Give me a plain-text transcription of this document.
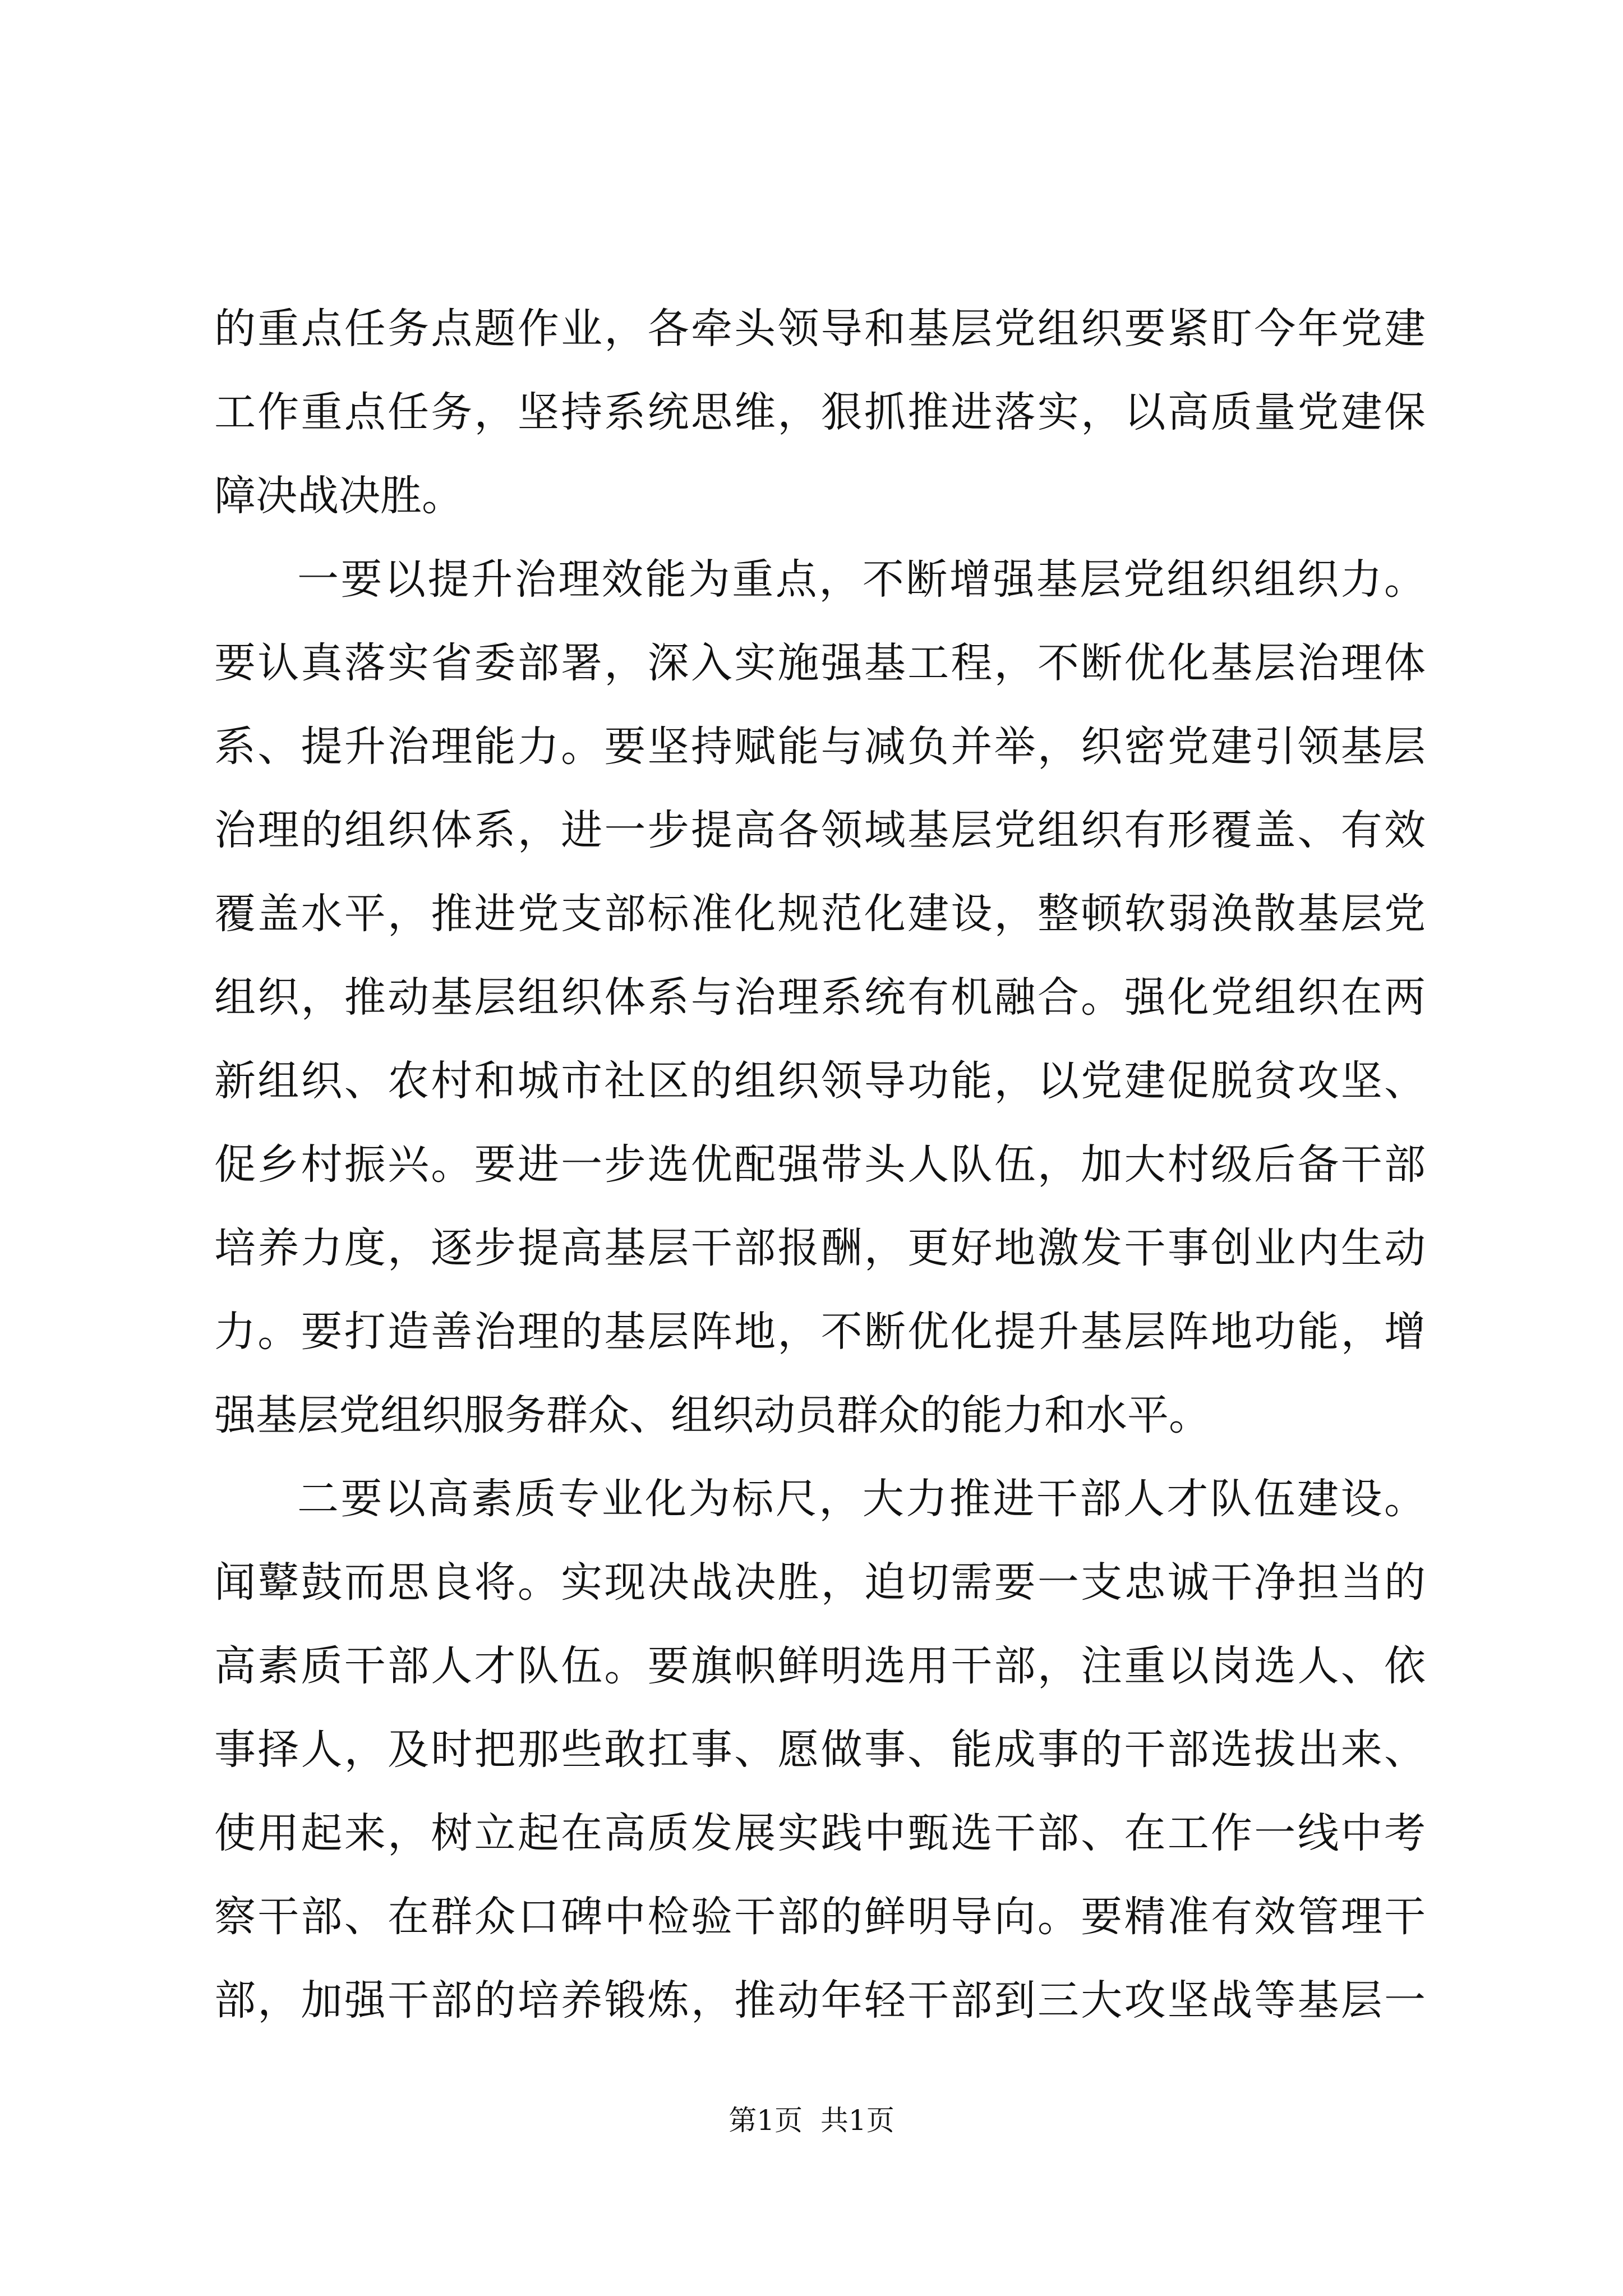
的重点任务点题作业，各牵头领导和基层党组织要紧盯今年党建
工作重点任务，坚持系统思维，狠抓推进落实，以高质量党建保
障决战决胜。
一要以提升治理效能为重点，不断增强基层党组织组织力。
要认真落实省委部署，深入实施强基工程，不断优化基层治理体
系、提升治理能力。要坚持赋能与减负并举，织密党建引领基层
治理的组织体系，进一步提高各领域基层党组织有形覆盖、有效
覆盖水平，推进党支部标准化规范化建设，整顿软弱涣散基层党
组织，推动基层组织体系与治理系统有机融合。强化党组织在两
新组织、农村和城市社区的组织领导功能，以党建促脱贫攻坚、
促乡村振兴。要进一步选优配强带头人队伍，加大村级后备干部
培养力度，逐步提高基层干部报酬，更好地激发干事创业内生动
力。要打造善治理的基层阵地，不断优化提升基层阵地功能，增
强基层党组织服务群众、组织动员群众的能力和水平。
二要以高素质专业化为标尺，大力推进干部人才队伍建设。
闻鼙鼓而思良将。实现决战决胜，迫切需要一支忠诚干净担当的
高素质干部人才队伍。要旗帜鲜明选用干部，注重以岗选人、依
事择人，及时把那些敢扛事、愿做事、能成事的干部选拔出来、
使用起来，树立起在高质发展实践中甄选干部、在工作一线中考
察干部、在群众口碑中检验干部的鲜明导向。要精准有效管理干
部，加强干部的培养锻炼，推动年轻干部到三大攻坚战等基层一
第1页  共1页
